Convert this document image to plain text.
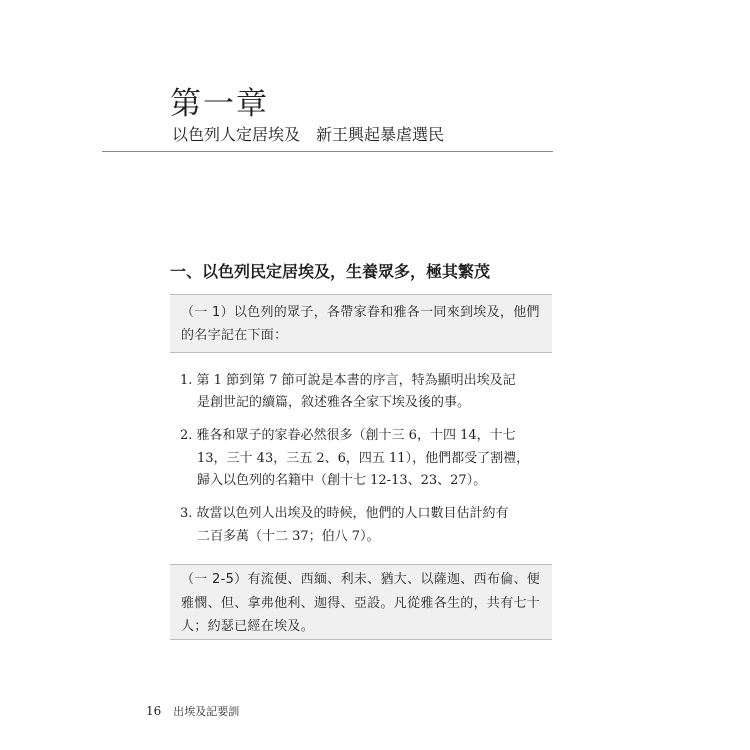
第一章

以色列人定居埃及　新王興起暴虐選民

一、以色列民定居埃及，生養眾多，極其繁茂
（一 1）以色列的眾子，各帶家眷和雅各一同來到埃及，他們
的名字記在下面：
1. 第 1 節到第 7 節可說是本書的序言，特為顯明出埃及記
是創世記的續篇，敘述雅各全家下埃及後的事。
2. 雅各和眾子的家眷必然很多（創十三 6，十四 14，十七
13，三十 43，三五 2、6，四五 11），他們都受了割禮，
歸入以色列的名籍中（創十七 12-13、23、27）。
3. 故當以色列人出埃及的時候，他們的人口數目估計約有
二百多萬（十二 37；伯八 7）。
（一 2-5）有流便、西緬、利未、猶大、以薩迦、西布倫、便
雅憫、但、拿弗他利、迦得、亞設。凡從雅各生的，共有七十
人；約瑟已經在埃及。
16 出埃及記要訓
